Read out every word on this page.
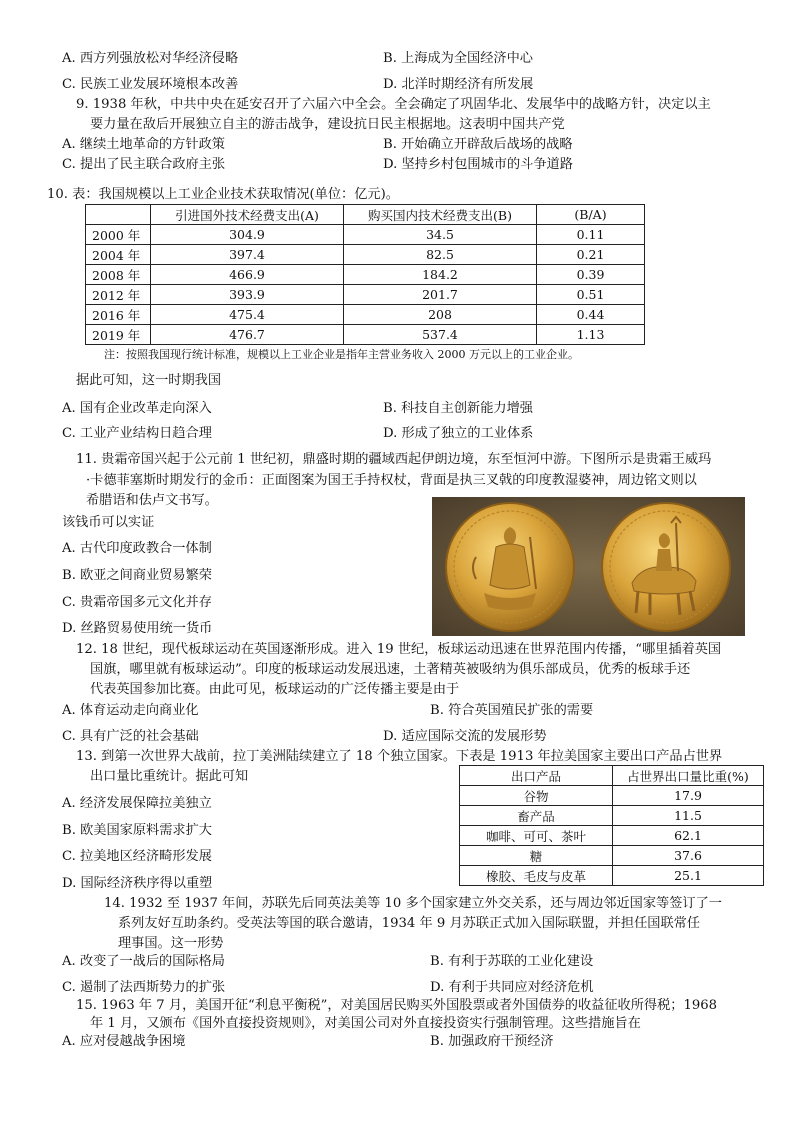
A. 西方列强放松对华经济侵略	B. 上海成为全国经济中心
C. 民族工业发展环境根本改善	D. 北洋时期经济有所发展
9. 1938 年秋，中共中央在延安召开了六届六中全会。全会确定了巩固华北、发展华中的战略方针，决定以主
要力量在敌后开展独立自主的游击战争，建设抗日民主根据地。这表明中国共产党
A. 继续土地革命的方针政策	B. 开始确立开辟敌后战场的战略
C. 提出了民主联合政府主张	D. 坚持乡村包围城市的斗争道路
10. 表：我国规模以上工业企业技术获取情况(单位：亿元)。
	引进国外技术经费支出(A)	购买国内技术经费支出(B)	(B/A)
2000 年	304.9	34.5	0.11
2004 年	397.4	82.5	0.21
2008 年	466.9	184.2	0.39
2012 年	393.9	201.7	0.51
2016 年	475.4	208	0.44
2019 年	476.7	537.4	1.13
注：按照我国现行统计标准，规模以上工业企业是指年主营业务收入 2000 万元以上的工业企业。
据此可知，这一时期我国
A. 国有企业改革走向深入	B. 科技自主创新能力增强
C. 工业产业结构日趋合理	D. 形成了独立的工业体系
11. 贵霜帝国兴起于公元前 1 世纪初，鼎盛时期的疆域西起伊朗边境，东至恒河中游。下图所示是贵霜王威玛
·卡德菲塞斯时期发行的金币：正面图案为国王手持权杖，背面是执三叉戟的印度教湿婆神，周边铭文则以
希腊语和佉卢文书写。
该钱币可以实证
A. 古代印度政教合一体制
B. 欧亚之间商业贸易繁荣
C. 贵霜帝国多元文化并存
D. 丝路贸易使用统一货币
12. 18 世纪，现代板球运动在英国逐渐形成。进入 19 世纪，板球运动迅速在世界范围内传播，“哪里插着英国
国旗，哪里就有板球运动”。印度的板球运动发展迅速，土著精英被吸纳为俱乐部成员，优秀的板球手还
代表英国参加比赛。由此可见，板球运动的广泛传播主要是由于
A. 体育运动走向商业化	B. 符合英国殖民扩张的需要
C. 具有广泛的社会基础	D. 适应国际交流的发展形势
13. 到第一次世界大战前，拉丁美洲陆续建立了 18 个独立国家。下表是 1913 年拉美国家主要出口产品占世界
出口量比重统计。据此可知	出口产品	占世界出口量比重(%)
谷物	17.9
畜产品	11.5
咖啡、可可、茶叶	62.1
糖	37.6
橡胶、毛皮与皮革	25.1
A. 经济发展保障拉美独立
B. 欧美国家原料需求扩大
C. 拉美地区经济畸形发展
D. 国际经济秩序得以重塑
14. 1932 至 1937 年间，苏联先后同英法美等 10 多个国家建立外交关系，还与周边邻近国家等签订了一
系列友好互助条约。受英法等国的联合邀请，1934 年 9 月苏联正式加入国际联盟，并担任国联常任
理事国。这一形势
A. 改变了一战后的国际格局	B. 有利于苏联的工业化建设
C. 遏制了法西斯势力的扩张	D. 有利于共同应对经济危机
15. 1963 年 7 月，美国开征“利息平衡税”，对美国居民购买外国股票或者外国债券的收益征收所得税；1968
年 1 月，又颁布《国外直接投资规则》，对美国公司对外直接投资实行强制管理。这些措施旨在
A. 应对侵越战争困境	B. 加强政府干预经济
